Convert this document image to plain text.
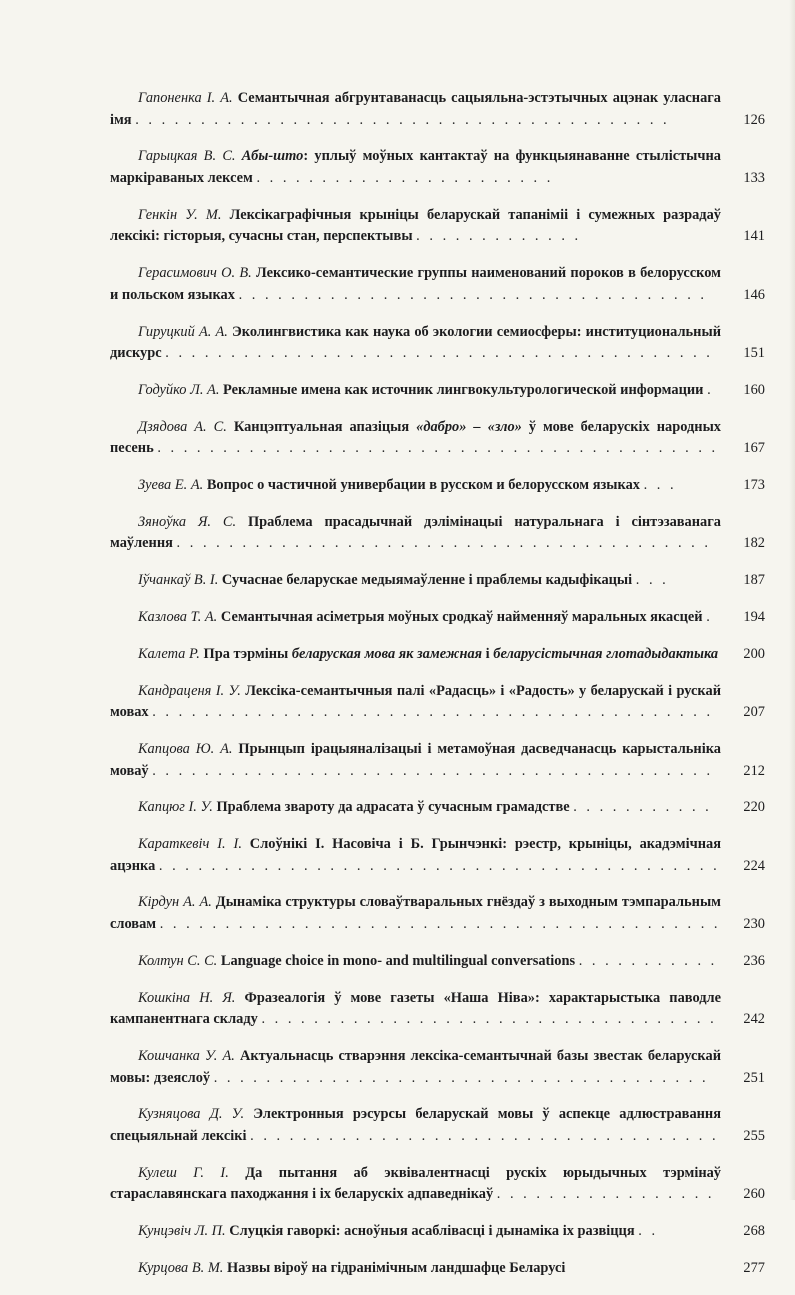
Гапоненка І. А. Семантычная абгрунтаванасць сацыяльна-эстэтычных ацэнак уласнага імя . . . . . . . . . . . . . . . . . . . . . . . . . . . . . . . . . . . . . . . . .	126
Гарыцкая В. С. Абы-што: уплыў моўных кантактаў на функцыянаванне стылістычна маркіраваных лексем . . . . . . . . . . . . . . . . . . . . . . .	133
Генкін У. М. Лексікаграфічныя крыніцы беларускай тапаніміі і сумежных разрадаў лексікі: гісторыя, сучасны стан, перспектывы . . . . . . . . . . . . .	141
Герасимович О. В. Лексико-семантические группы наименований пороков в белорусском и польском языках . . . . . . . . . . . . . . . . . . . . . . . . . . . . . . . . . . . .	146
Гируцкий А. А. Эколингвистика как наука об экологии семиосферы: институциональный дискурс . . . . . . . . . . . . . . . . . . . . . . . . . . . . . . . . . . . . . . . . . .	151
Годуйко Л. А. Рекламные имена как источник лингвокультурологической информации .	160
Дзядова А. С. Канцэптуальная апазіцыя «дабро» – «зло» ў мове беларускіх народных песень . . . . . . . . . . . . . . . . . . . . . . . . . . . . . . . . . . . . . . . . . . .	167
Зуева Е. А. Вопрос о частичной универбации в русском и белорусском языках . . .	173
Зяноўка Я. С. Праблема прасадычнай дэлімінацыі натуральнага і сінтэзаванага маўлення . . . . . . . . . . . . . . . . . . . . . . . . . . . . . . . . . . . . . . . . .	182
Іўчанкаў В. І. Сучаснае беларускае медыямаўленне і праблемы кадыфікацыі . . .	187
Казлова Т. А. Семантычная асіметрыя моўных сродкаў найменняў маральных якасцей .	194
Калета Р. Пра тэрміны беларуская мова як замежная і беларусістычная глотадыдактыка	200
Кандраценя І. У. Лексіка-семантычныя палі «Радасць» і «Радость» у беларускай і рускай мовах . . . . . . . . . . . . . . . . . . . . . . . . . . . . . . . . . . . . . . . . . . .	207
Капцова Ю. А. Прынцып ірацыяналізацыі і метамоўная дасведчанасць карыстальніка моваў . . . . . . . . . . . . . . . . . . . . . . . . . . . . . . . . . . . . . . . . . . .	212
Капцюг І. У. Праблема звароту да адрасата ў сучасным грамадстве . . . . . . . . . . .	220
Караткевіч І. І. Слоўнікі І. Насовіча і Б. Грынчэнкі: рэестр, крыніцы, акадэмічная ацэнка . . . . . . . . . . . . . . . . . . . . . . . . . . . . . . . . . . . . . . . . . . .	224
Кірдун А. А. Дынаміка структуры словаўтваральных гнёздаў з выходным тэмпаральным словам . . . . . . . . . . . . . . . . . . . . . . . . . . . . . . . . . . . . . . . . . . .	230
Колтун С. С. Language choice in mono- and multilingual conversations . . . . . . . . . . .	236
Кошкіна Н. Я. Фразеалогія ў мове газеты «Наша Ніва»: характарыстыка паводле кампанентнага складу . . . . . . . . . . . . . . . . . . . . . . . . . . . . . . . . . . .	242
Кошчанка У. А. Актуальнасць стварэння лексіка-семантычнай базы звестак беларускай мовы: дзеяслоў . . . . . . . . . . . . . . . . . . . . . . . . . . . . . . . . . . . . . .	251
Кузняцова Д. У. Электронныя рэсурсы беларускай мовы ў аспекце адлюстравання спецыяльнай лексікі . . . . . . . . . . . . . . . . . . . . . . . . . . . . . . . . . . . .	255
Кулеш Г. І. Да пытання аб эквівалентнасці рускіх юрыдычных тэрмінаў старaславянскага паходжання і іх беларускіх адпаведнікаў . . . . . . . . . . . . . . . . .	260
Кунцэвіч Л. П. Слуцкія гаворкі: асноўныя асаблівасці і дынаміка іх развіцця . .	268
Курцова В. М. Назвы віроў на гідранімічным ландшафце Беларусі	277
